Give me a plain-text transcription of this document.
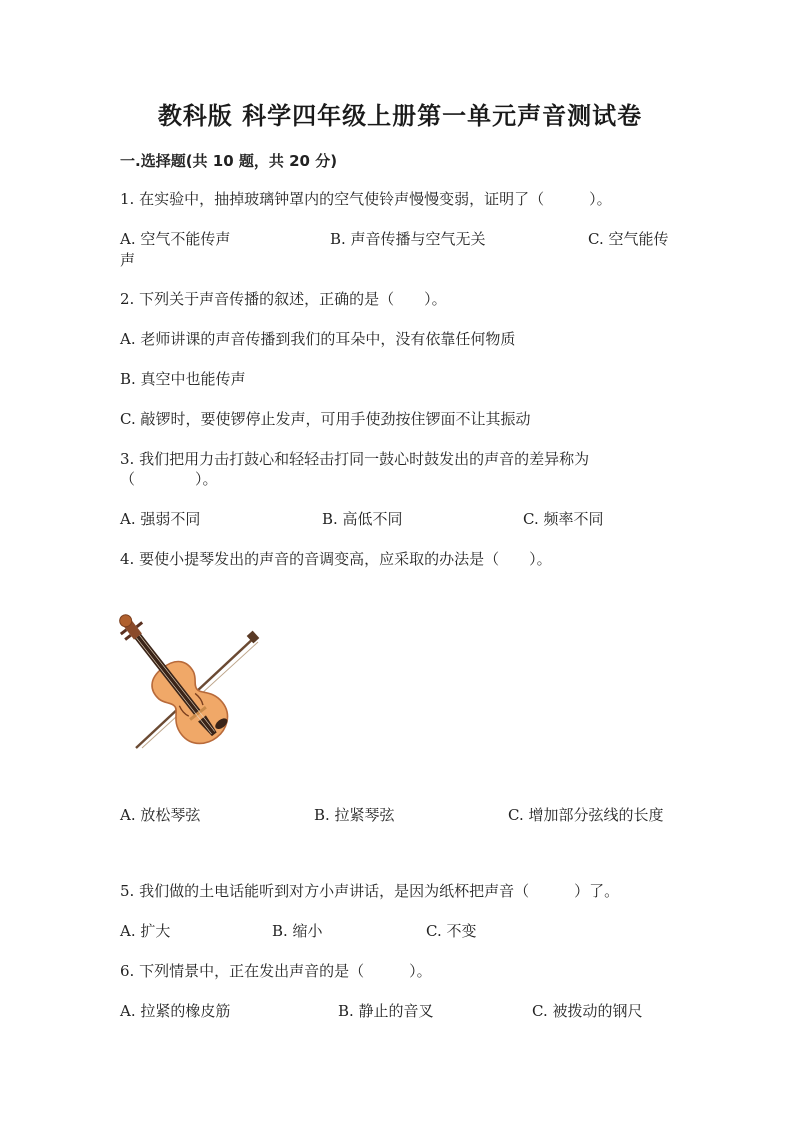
教科版 科学四年级上册第一单元声音测试卷
一.选择题(共 10 题，共 20 分)
1. 在实验中，抽掉玻璃钟罩内的空气使铃声慢慢变弱，证明了（　　　）。
A. 空气不能传声	B. 声音传播与空气无关	C. 空气能传
声
2. 下列关于声音传播的叙述，正确的是（　　）。
A. 老师讲课的声音传播到我们的耳朵中，没有依靠任何物质
B. 真空中也能传声
C. 敲锣时，要使锣停止发声，可用手使劲按住锣面不让其振动
3. 我们把用力击打鼓心和轻轻击打同一鼓心时鼓发出的声音的差异称为
（　　　　）。
A. 强弱不同	B. 高低不同	C. 频率不同
4. 要使小提琴发出的声音的音调变高，应采取的办法是（　　）。
A. 放松琴弦	B. 拉紧琴弦	C. 增加部分弦线的长度
5. 我们做的土电话能听到对方小声讲话，是因为纸杯把声音（　　　）了。
A. 扩大	B. 缩小	C. 不变
6. 下列情景中，正在发出声音的是（　　　）。
A. 拉紧的橡皮筋	B. 静止的音叉	C. 被拨动的钢尺
